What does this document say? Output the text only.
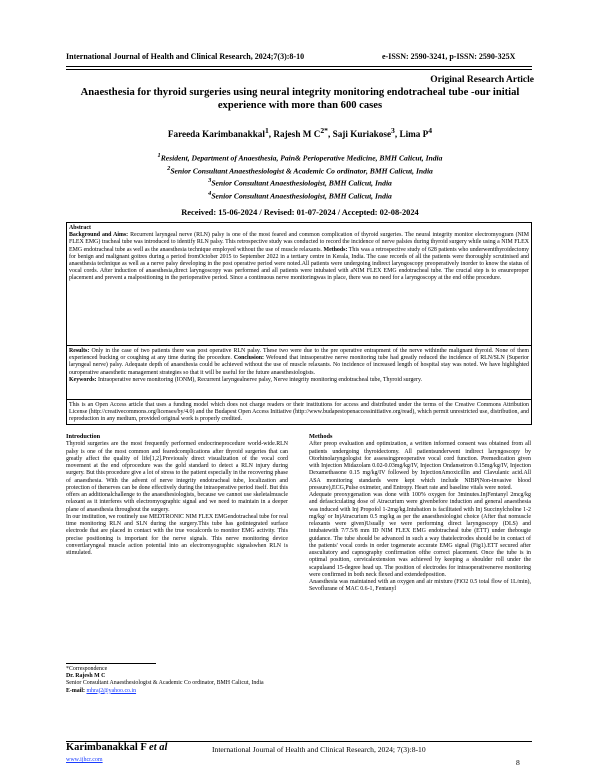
International Journal of Health and Clinical Research, 2024;7(3):8-10	e-ISSN: 2590-3241, p-ISSN: 2590-325X
Original Research Article
Anaesthesia for thyroid surgeries using neural integrity monitoring endotracheal tube -our initial experience with more than 600 cases
Fareeda Karimbanakkal$^1$, Rajesh M $C^{2*}$, Saji Kuriakose$^3$, Lima $P^4$
$^1$Resident, Department of Anaesthesia, Pain& Perioperative Medicine, BMH Calicut, India
$^2$Senior Consultant Anaesthesiologist & Academic Co ordinator, BMH Calicut, India
$^3$Senior Consultant Anaesthesiologist, BMH Calicut, India
$^4$Senior Consultant Anaesthesiologist, BMH Calicut, India
Received: 15-06-2024 / Revised: 01-07-2024 / Accepted: 02-08-2024
Abstract
Background and Aims: Recurrent laryngeal nerve (RLN) palsy is one of the most feared and common complication of thyroid surgeries. The neural integrity monitor electromyogram (NIM FLEX EMG) tracheal tube was introduced to identify RLN palsy. This retrospective study was conducted to record the incidence of nerve palsies during thyroid surgery while using a NIM FLEX EMG endotracheal tube as well as the anaesthesia technique employed without the use of muscle relaxants. Methods: This was a retrospective study of 628 patients who underwentthyroidectomy for benign and malignant goitres during a period fromOctober 2015 to September 2022 in a tertiary centre in Kerala, India. The case records of all the patients were thoroughly scrutinised and anaesthesia technique as well as a nerve palsy developing in the post operative period were noted.All patients were undergoing indirect laryngoscopy preoperatively inorder to know the status of vocal cords. After induction of anaesthesia,direct laryngoscopy was performed and all patients were intubated with aNIM FLEX EMG endotracheal tube. The crucial step is to ensureproper placement and prevent a malpositioning in the perioperative period. Since a continuous nerve monitoringwas in place, there was no need for a laryngoscopy at the end ofthe procedure.
Results: Only in the case of two patients there was post operative RLN palsy. These two were due to the pre operative entrapment of the nerve withinthe malignant thyroid. None of them experienced bucking or coughing at any time during the procedure. Conclusion: Wefound that intraoperative nerve monitoring tube had greatly reduced the incidence of RLN/SLN (Superior laryngeal nerve) palsy. Adequate depth of anaesthesia could be achieved without the use of muscle relaxants. No incidence of increased length of hospital stay was noted. We have highlighted ouroperative anaesthetic management strategies so that it will be useful for the future anaesthesiologists.
Keywords: Intraoperative nerve monitoring (IONM), Recurrent laryngealnerve palsy, Nerve integrity monitoring endotracheal tube, Thyroid surgery.
This is an Open Access article that uses a funding model which does not charge readers or their institutions for access and distributed under the terms of the Creative Commons Attribution License (http://creativecommons.org/licenses/by/4.0) and the Budapest Open Access Initiative (http://www.budapestopenaccessinitiative.org/read), which permit unrestricted use, distribution, and reproduction in any medium, provided original work is properly credited.
Introduction

Thyroid surgeries are the most frequently performed endocrineprocedure world-wide.RLN palsy is one of the most common and fearedcomplications after thyroid surgeries that can greatly affect the quality of life[1,2].Previously direct visualization of the vocal cord movement at the end ofprocedure was the gold standard to detect a RLN injury during surgery. But this procedure give a lot of stress to the patient especially in the recovering phase of anaesthesia. With the advent of nerve integrity endotracheal tube, localization and protection of thenerves can be done effectively during the intraoperative period itself. But this offers an additionalchallenge to the anaesthesiologists, because we cannot use skeletalmuscle relaxant as it interferes with electromyographic signal and we need to maintain in a deeper plane of anaesthesia throughout the surgery.

In our institution, we routinely use MEDTRONIC NIM FLEX EMGendotracheal tube for real time monitoring RLN and SLN during the surgery.This tube has gotintegrated surface electrode that are placed in contact with the true vocalcords to monitor EMG activity. This precise positioning is important for the nerve signals. This nerve monitoring device convertlaryngeal muscle action potential into an electromyographic signalswhen RLN is stimulated.

*Correspondence
Dr. Rajesh M C
Senior Consultant Anaesthesiologist & Academic Co ordinator, BMH Calicut, India
E-mail: mhraj2@yahoo.co.in
Methods

After preop evaluation and optimization, a written informed consent was obtained from all patients undergoing thyroidectomy. All patientsunderwent indirect laryngoscopy by Otorhinolaryngologist for assessingpreoperative vocal cord function. Premedication given with Injection Midazolam 0.02-0.03mg/kg/IV, Injection Ondansetron 0.15mg/kg/IV, Injection Dexamethasone 0.15 mg/kg/IV followed by InjectionAmoxicillin and Clavulanic acid.All ASA monitoring standards were kept which include NIBP(Non-invasive blood pressure),ECG,Pulse oximeter, and Entropy. Heart rate and baseline vitals were noted.

Adequate preoxygenation was done with 100% oxygen for 3minutes.InjFentanyl 2mcg/kg and defasciculating dose of Atracurium were givenbefore induction and general anaesthesia was induced with Inj Propofol 1-2mg/kg.Intubation is facilitated with Inj Succinylcholine 1-2 mg/kg/ or InjAtracurium 0.5 mg/kg as per the anaesthesiologist choice (After that nomuscle relaxants were given)Usually we were performing direct laryngoscopy (DLS) and intubatewith 7/7.5/8 mm ID NIM FLEX EMG endotracheal tube (ETT) under thebougie guidance. The tube should be advanced in such a way thatelectrodes should be in contact of the patients' vocal cords in order togenerate accurate EMG signal (Fig1).ETT secured after auscultatory and capnography confirmation ofthe correct placement. Once the tube is in optimal position, cervicalextension was achieved by keeping a shoulder roll under the scapulaand 15-degree head up. The position of electrodes for intraoperativenerve monitoring were confirmed in both neck flexed and extendedposition.

Anaesthesia was maintained with an oxygen and air mixture (FiO2 0.5 total flow of 1L/min), Sevoflurane of MAC 0.6-1, Fentanyl

Karimbanakkal F et al
www.ijhcr.com
International Journal of Health and Clinical Research, 2024; 7(3):8-10
8
